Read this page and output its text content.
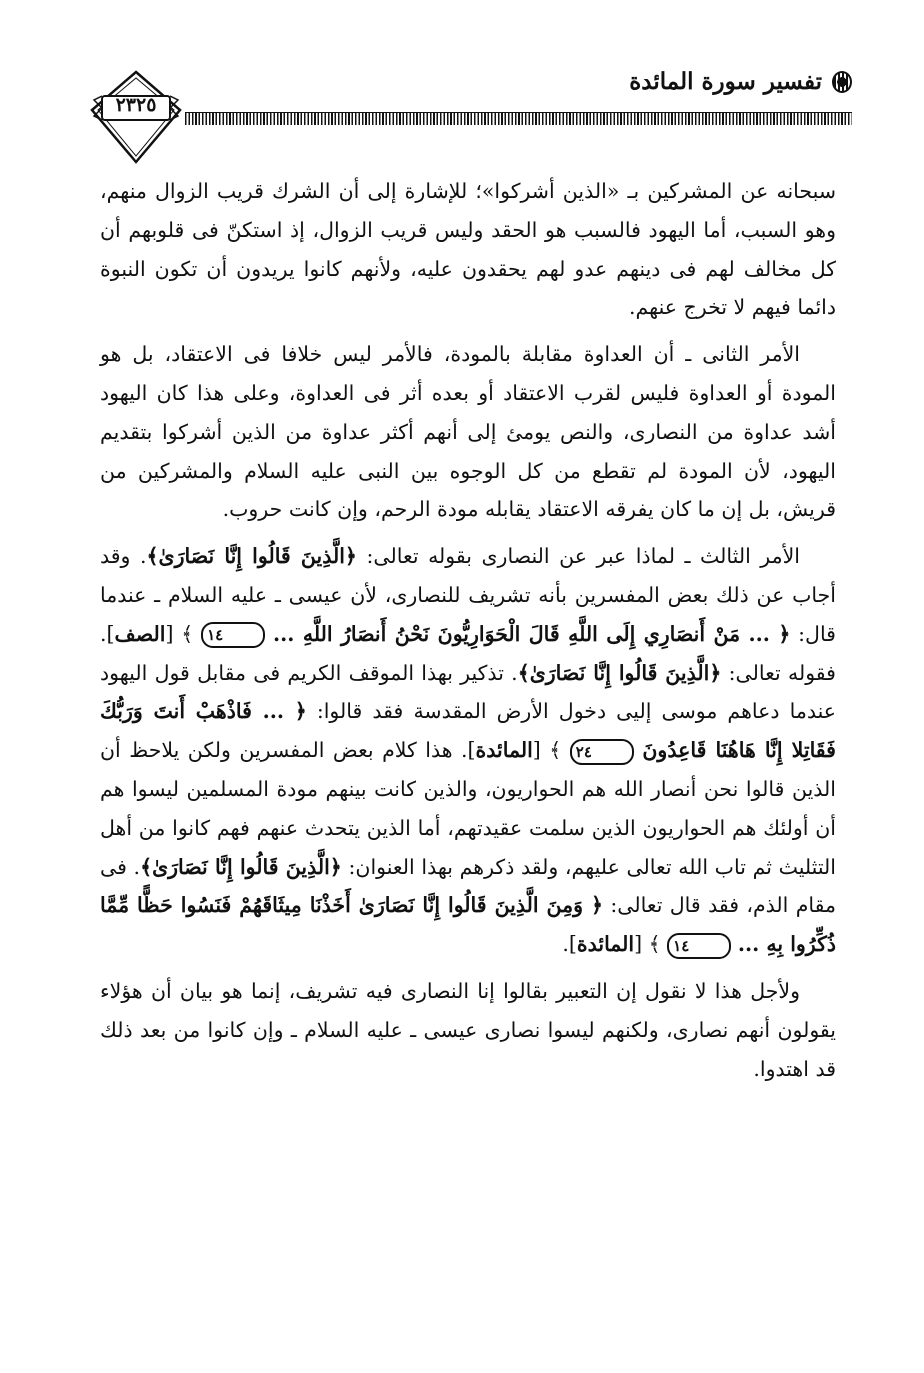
تفسير سورة المائدة
٢٣٢٥

سبحانه عن المشركين بـ «الذين أشركوا»؛ للإشارة إلى أن الشرك قريب الزوال منهم، وهو السبب، أما اليهود فالسبب هو الحقد وليس قريب الزوال، إذ استكنّ فى قلوبهم أن كل مخالف لهم فى دينهم عدو لهم يحقدون عليه، ولأنهم كانوا يريدون أن تكون النبوة دائما فيهم لا تخرج عنهم.

الأمر الثانى ـ أن العداوة مقابلة بالمودة، فالأمر ليس خلافا فى الاعتقاد، بل هو المودة أو العداوة فليس لقرب الاعتقاد أو بعده أثر فى العداوة، وعلى هذا كان اليهود أشد عداوة من النصارى، والنص يومئ إلى أنهم أكثر عداوة من الذين أشركوا بتقديم اليهود، لأن المودة لم تقطع من كل الوجوه بين النبى عليه السلام والمشركين من قريش، بل إن ما كان يفرقه الاعتقاد يقابله مودة الرحم، وإن كانت حروب.

الأمر الثالث ـ لماذا عبر عن النصارى بقوله تعالى: ﴿الَّذِينَ قَالُوا إِنَّا نَصَارَىٰ﴾. وقد أجاب عن ذلك بعض المفسرين بأنه تشريف للنصارى، لأن عيسى ـ عليه السلام ـ عندما قال: ﴿ ... مَنْ أَنصَارِي إِلَى اللَّهِ قَالَ الْحَوَارِيُّونَ نَحْنُ أَنصَارُ اللَّهِ ... ١٤ ﴾ [الصف]. فقوله تعالى: ﴿الَّذِينَ قَالُوا إِنَّا نَصَارَىٰ﴾. تذكير بهذا الموقف الكريم فى مقابل قول اليهود عندما دعاهم موسى إليى دخول الأرض المقدسة فقد قالوا: ﴿ ... فَاذْهَبْ أَنتَ وَرَبُّكَ فَقَاتِلا إِنَّا هَاهُنَا قَاعِدُونَ ٢٤ ﴾ [المائدة]. هذا كلام بعض المفسرين ولكن يلاحظ أن الذين قالوا نحن أنصار الله هم الحواريون، والذين كانت بينهم مودة المسلمين ليسوا هم أن أولئك هم الحواريون الذين سلمت عقيدتهم، أما الذين يتحدث عنهم فهم كانوا من أهل التثليث ثم تاب الله تعالى عليهم، ولقد ذكرهم بهذا العنوان: ﴿الَّذِينَ قَالُوا إِنَّا نَصَارَىٰ﴾. فى مقام الذم، فقد قال تعالى: ﴿ وَمِنَ الَّذِينَ قَالُوا إِنَّا نَصَارَىٰ أَخَذْنَا مِيثَاقَهُمْ فَنَسُوا حَظًّا مِّمَّا ذُكِّرُوا بِهِ ... ١٤ ﴾ [المائدة].

ولأجل هذا لا نقول إن التعبير بقالوا إنا النصارى فيه تشريف، إنما هو بيان أن هؤلاء يقولون أنهم نصارى، ولكنهم ليسوا نصارى عيسى ـ عليه السلام ـ وإن كانوا من بعد ذلك قد اهتدوا.
